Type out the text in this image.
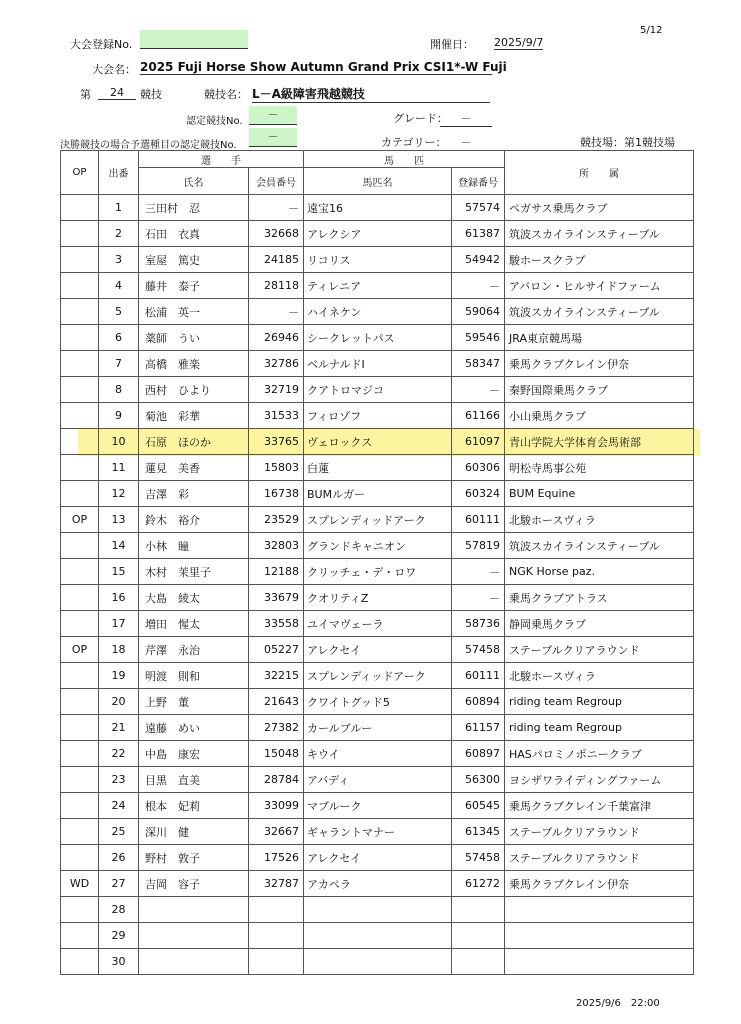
5/12
大会登録No.	開催日： 2025/9/7
大会名： 2025 Fuji Horse Show Autumn Grand Prix CSI1*-W Fuji
第	24	競技	競技名： L－A級障害飛越競技
認定競技No.
－	グレード：	－
決勝競技の場合予選種目の認定競技No.
－	カテゴリー：	－	競技場：第1競技場
OP	出番	選　　手		馬　　匹		所　　属
		氏名	会員番号	馬匹名	登録番号	
	1	三田村　忍	－	遠宝16	57574	ペガサス乗馬クラブ
	2	石田　衣真	32668	アレクシア	61387	筑波スカイラインスティーブル
	3	室屋　篤史	24185	リコリス	54942	駿ホースクラブ
	4	藤井　泰子	28118	ティレニア	－	アバロン・ヒルサイドファーム
	5	松浦　英一	－	ハイネケン	59064	筑波スカイラインスティーブル
	6	薬師　うい	26946	シークレットパス	59546	JRA東京競馬場
	7	高橋　雅楽	32786	ベルナルドI	58347	乗馬クラブクレイン伊奈
	8	西村　ひより	32719	クアトロマジコ	－	秦野国際乗馬クラブ
	9	菊池　彩華	31533	フィロゾフ	61166	小山乗馬クラブ
	10	石原　ほのか	33765	ヴェロックス	61097	青山学院大学体育会馬術部
	11	蓮見　美香	15803	白蓮	60306	明松寺馬事公苑
	12	吉澤　彩	16738	BUMルガー	60324	BUM Equine
OP	13	鈴木　裕介	23529	スプレンディッドアーク	60111	北駿ホースヴィラ
	14	小林　瞳	32803	グランドキャニオン	57819	筑波スカイラインスティーブル
	15	木村　茉里子	12188	クリッチェ・デ・ロワ	－	NGK Horse paz.
	16	大島　綾太	33679	クオリティZ	－	乗馬クラブアトラス
	17	増田　惺太	33558	ユイマヴェーラ	58736	静岡乗馬クラブ
OP	18	芹澤　永治	05227	アレクセイ	57458	ステーブルクリアラウンド
	19	明渡　則和	32215	スプレンディッドアーク	60111	北駿ホースヴィラ
	20	上野　董	21643	クワイトグッド5	60894	riding team Regroup
	21	遠藤　めい	27382	カールブルー	61157	riding team Regroup
	22	中島　康宏	15048	キウイ	60897	HASパロミノポニークラブ
	23	目黒　直美	28784	アバディ	56300	ヨシザワライディングファーム
	24	根本　妃莉	33099	マブルーク	60545	乗馬クラブクレイン千葉富津
	25	深川　健	32667	ギャラントマナー	61345	ステーブルクリアラウンド
	26	野村　敦子	17526	アレクセイ	57458	ステーブルクリアラウンド
WD	27	吉岡　容子	32787	アカペラ	61272	乗馬クラブクレイン伊奈
	28					
	29					
	30					
2025/9/6　22:00
